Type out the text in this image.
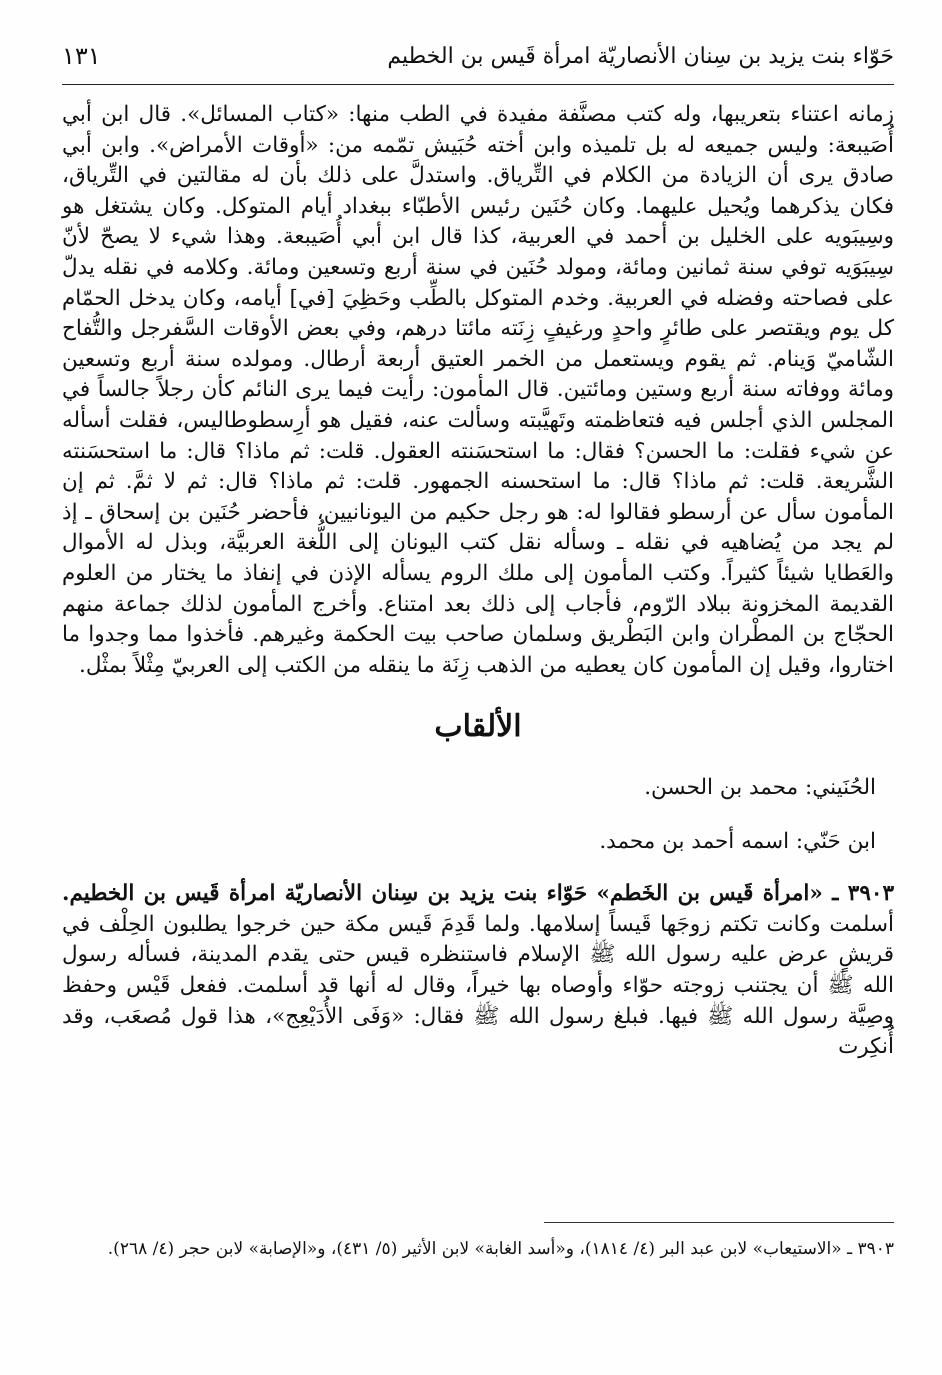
حَوّاء بنت يزيد بن سِنان الأنصاريّة امرأة قَيس بن الخطيم
١٣١

زمانه اعتناء بتعريبها، وله كتب مصنَّفة مفيدة في الطب منها: «كتاب المسائل». قال ابن أبي أُصَيبعة: وليس جميعه له بل تلميذه وابن أخته حُبَيش تمّمه من: «أوقات الأمراض». وابن أبي صادق يرى أن الزيادة من الكلام في التِّرياق. واستدلَّ على ذلك بأن له مقالتين في التِّرياق، فكان يذكرهما ويُحيل عليهما. وكان حُنَين رئيس الأطبّاء ببغداد أيام المتوكل. وكان يشتغل هو وسِيبَويه على الخليل بن أحمد في العربية، كذا قال ابن أبي أُصَيبعة. وهذا شيء لا يصحّ لأنّ سِيبَوَيه توفي سنة ثمانين ومائة، ومولد حُنَين في سنة أربع وتسعين ومائة. وكلامه في نقله يدلّ على فصاحته وفضله في العربية. وخدم المتوكل بالطِّب وحَظِيَ [في] أيامه، وكان يدخل الحمّام كل يوم ويقتصر على طائرٍ واحدٍ ورغيفٍ زِنَته مائتا درهم، وفي بعض الأوقات السَّفرجل والتُّفاح الشّاميّ وَينام. ثم يقوم ويستعمل من الخمر العتيق أربعة أرطال. ومولده سنة أربع وتسعين ومائة ووفاته سنة أربع وستين ومائتين. قال المأمون: رأيت فيما يرى النائم كأن رجلاً جالساً في المجلس الذي أجلس فيه فتعاظمته وتَهيَّبته وسألت عنه، فقيل هو أرِسطوطاليس، فقلت أسأله عن شيء فقلت: ما الحسن؟ فقال: ما استحسَنته العقول. قلت: ثم ماذا؟ قال: ما استحسَنته الشَّريعة. قلت: ثم ماذا؟ قال: ما استحسنه الجمهور. قلت: ثم ماذا؟ قال: ثم لا ثمَّ. ثم إن المأمون سأل عن أرسطو فقالوا له: هو رجل حكيم من اليونانيين، فأحضر حُنَين بن إسحاق ـ إذ لم يجد من يُضاهيه في نقله ـ وسأله نقل كتب اليونان إلى اللُّغة العربيَّة، وبذل له الأموال والعَطايا شيئاً كثيراً. وكتب المأمون إلى ملك الروم يسأله الإذن في إنفاذ ما يختار من العلوم القديمة المخزونة ببلاد الرّوم، فأجاب إلى ذلك بعد امتناع. وأخرج المأمون لذلك جماعة منهم الحجّاج بن المطْران وابن البَطْريق وسلمان صاحب بيت الحكمة وغيرهم. فأخذوا مما وجدوا ما اختاروا، وقيل إن المأمون كان يعطيه من الذهب زِنَة ما ينقله من الكتب إلى العربيّ مِثْلاً بمثْل.

الألقاب

الحُنَيني: محمد بن الحسن.

ابن حَنّي: اسمه أحمد بن محمد.

٣٩٠٣ ـ «امرأة قَيس بن الخَطم» حَوّاء بنت يزيد بن سِنان الأنصاريّة امرأة قَيس بن الخطيم. أسلمت وكانت تكتم زوجَها قَيساً إسلامها. ولما قَدِمَ قَيس مكة حين خرجوا يطلبون الحِلْف في قريشٍ عرض عليه رسول الله ﷺ الإسلام فاستنظره قيس حتى يقدم المدينة، فسأله رسول الله ﷺ أن يجتنب زوجته حوّاء وأوصاه بها خيراً، وقال له أنها قد أسلمت. ففعل قَيْس وحفظ وصِيَّة رسول الله ﷺ فيها. فبلغ رسول الله ﷺ فقال: «وَفَى الأُدَيْعِج»، هذا قول مُصعَب، وقد أُنكِرت

٣٩٠٣ ـ «الاستيعاب» لابن عبد البر (٤/ ١٨١٤)، و«أسد الغابة» لابن الأثير (٥/ ٤٣١)، و«الإصابة» لابن حجر (٤/ ٢٦٨).
